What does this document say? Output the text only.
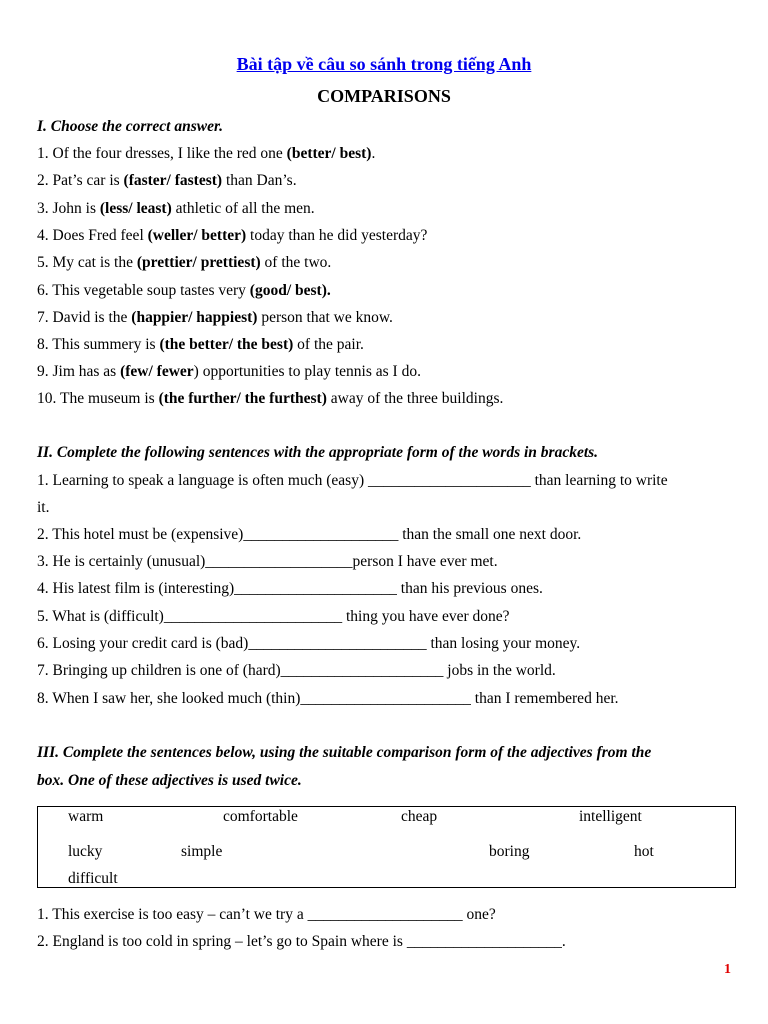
Bài tập về câu so sánh trong tiếng Anh
COMPARISONS
I. Choose the correct answer.
1. Of the four dresses, I like the red one (better/ best).
2. Pat’s car is (faster/ fastest) than Dan’s.
3. John is (less/ least) athletic of all the men.
4. Does Fred feel (weller/ better) today than he did yesterday?
5. My cat is the (prettier/ prettiest) of the two.
6. This vegetable soup tastes very (good/ best).
7. David is the (happier/ happiest) person that we know.
8. This summery is (the better/ the best) of the pair.
9. Jim has as (few/ fewer) opportunities to play tennis as I do.
10. The museum is (the further/ the furthest) away of the three buildings.
II. Complete the following sentences with the appropriate form of the words in brackets.
1. Learning to speak a language is often much (easy) _____________________ than learning to write
it.
2. This hotel must be (expensive)____________________ than the small one next door.
3. He is certainly (unusual)___________________person I have ever met.
4. His latest film is (interesting)_____________________ than his previous ones.
5. What is (difficult)_______________________ thing you have ever done?
6. Losing your credit card is (bad)_______________________ than losing your money.
7. Bringing up children is one of (hard)_____________________ jobs in the world.
8. When I saw her, she looked much (thin)______________________ than I remembered her.
III. Complete the sentences below, using the suitable comparison form of the adjectives from the
box. One of these adjectives is used twice.
warm	comfortable	cheap	intelligent
lucky	simple	boring	hot
difficult
1. This exercise is too easy – can’t we try a ____________________ one?
2. England is too cold in spring – let’s go to Spain where is ____________________.
1
